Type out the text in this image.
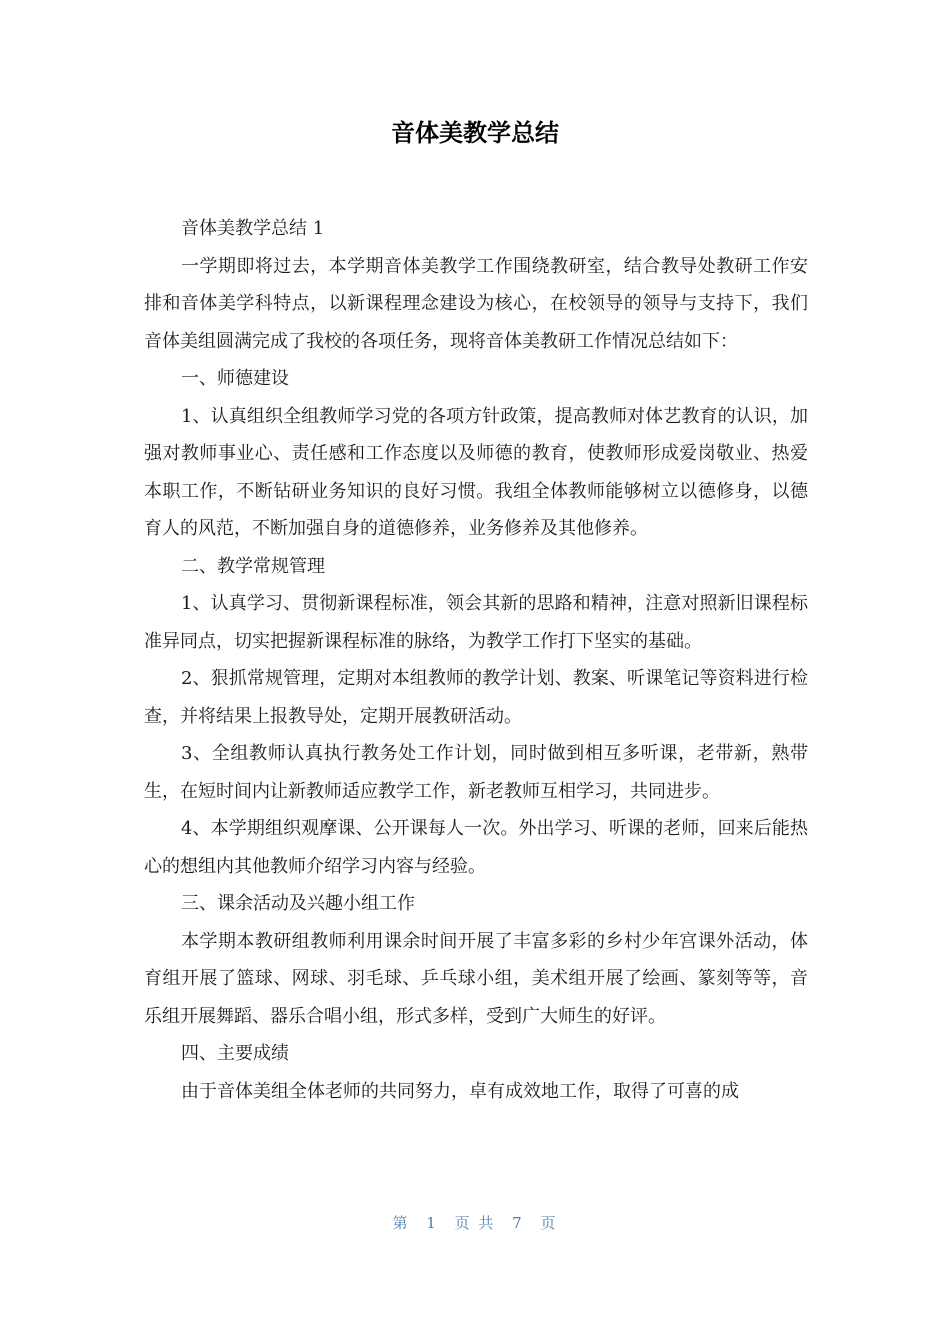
音体美教学总结

音体美教学总结 1

一学期即将过去，本学期音体美教学工作围绕教研室，结合教导处教研工作安排和音体美学科特点，以新课程理念建设为核心，在校领导的领导与支持下，我们音体美组圆满完成了我校的各项任务，现将音体美教研工作情况总结如下：

一、师德建设

1、认真组织全组教师学习党的各项方针政策，提高教师对体艺教育的认识，加强对教师事业心、责任感和工作态度以及师德的教育，使教师形成爱岗敬业、热爱本职工作，不断钻研业务知识的良好习惯。我组全体教师能够树立以德修身，以德育人的风范，不断加强自身的道德修养，业务修养及其他修养。

二、教学常规管理

1、认真学习、贯彻新课程标准，领会其新的思路和精神，注意对照新旧课程标准异同点，切实把握新课程标准的脉络，为教学工作打下坚实的基础。

2、狠抓常规管理，定期对本组教师的教学计划、教案、听课笔记等资料进行检查，并将结果上报教导处，定期开展教研活动。

3、全组教师认真执行教务处工作计划，同时做到相互多听课，老带新，熟带生，在短时间内让新教师适应教学工作，新老教师互相学习，共同进步。

4、本学期组织观摩课、公开课每人一次。外出学习、听课的老师，回来后能热心的想组内其他教师介绍学习内容与经验。

三、课余活动及兴趣小组工作

本学期本教研组教师利用课余时间开展了丰富多彩的乡村少年宫课外活动，体育组开展了篮球、网球、羽毛球、乒乓球小组，美术组开展了绘画、篆刻等等，音乐组开展舞蹈、器乐合唱小组，形式多样，受到广大师生的好评。

四、主要成绩

由于音体美组全体老师的共同努力，卓有成效地工作，取得了可喜的成

第 1 页 共 7 页
